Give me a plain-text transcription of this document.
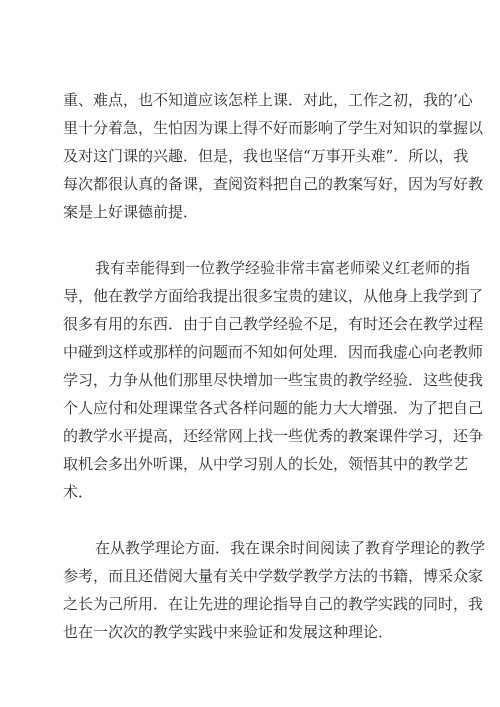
重、难点，也不知道应该怎样上课．对此，工作之初，我的’心
里十分着急，生怕因为课上得不好而影响了学生对知识的掌握以
及对这门课的兴趣．但是，我也坚信“万事开头难”．所以，我
每次都很认真的备课，查阅资料把自己的教案写好，因为写好教
案是上好课德前提．
我有幸能得到一位教学经验非常丰富老师梁义红老师的指
导，他在教学方面给我提出很多宝贵的建议，从他身上我学到了
很多有用的东西．由于自己教学经验不足，有时还会在教学过程
中碰到这样或那样的问题而不知如何处理．因而我虚心向老教师
学习，力争从他们那里尽快增加一些宝贵的教学经验．这些使我
个人应付和处理课堂各式各样问题的能力大大增强．为了把自己
的教学水平提高，还经常网上找一些优秀的教案课件学习，还争
取机会多出外听课，从中学习别人的长处，领悟其中的教学艺
术．
在从教学理论方面．我在课余时间阅读了教育学理论的教学
参考，而且还借阅大量有关中学数学教学方法的书籍，博采众家
之长为己所用．在让先进的理论指导自己的教学实践的同时，我
也在一次次的教学实践中来验证和发展这种理论．
